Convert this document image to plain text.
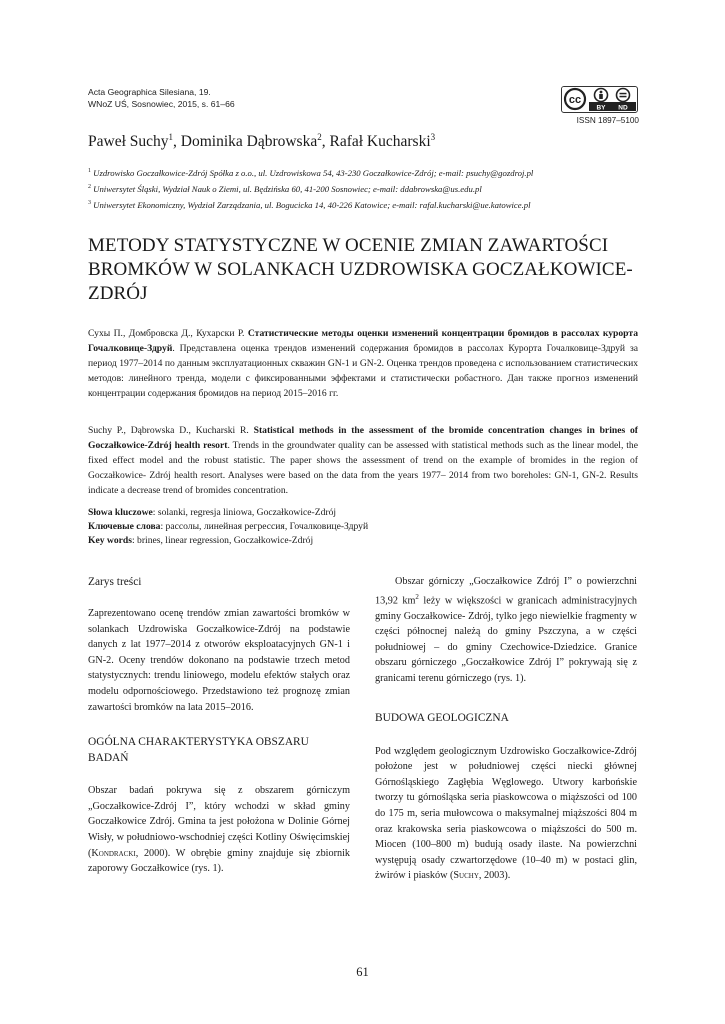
Acta Geographica Silesiana, 19.
WNoZ UŚ, Sosnowiec, 2015, s. 61–66	cc
BY ND
ISSN 1897–5100
Paweł Suchy$^1$, Dominika Dąbrowska$^2$, Rafał Kucharski$^3$
$^1$ Uzdrowisko Goczałkowice-Zdrój Spółka z o.o., ul. Uzdrowiskowa 54, 43-230 Goczałkowice-Zdrój; e-mail: psuchy@gozdroj.pl
$^2$ Uniwersytet Śląski, Wydział Nauk o Ziemi, ul. Będzińska 60, 41-200 Sosnowiec; e-mail: ddabrowska@us.edu.pl
$^3$ Uniwersytet Ekonomiczny, Wydział Zarządzania, ul. Bogucicka 14, 40-226 Katowice; e-mail: rafal.kucharski@ue.katowice.pl
METODY STATYSTYCZNE W OCENIE ZMIAN ZAWARTOŚCI
BROMKÓW W SOLANKACH UZDROWISKA GOCZAŁKOWICE-
ZDRÓJ
Сухы П., Домбровска Д., Кухарски Р. Статистические методы оценки изменений концентрации бромидов в рассолах курорта Гочалковице-Здруй. Представлена оценка трендов изменений содержания бромидов в рассолах Курорта Гочалковице-Здруй за период 1977–2014 по данным эксплуатационных скважин GN-1 и GN-2. Оценка трендов проведена с использованием статистических методов: линейного тренда, модели с фиксированными эффектами и статистически робастного. Дан также прогноз изменений концентрации содержания бромидов на период 2015–2016 гг.
Suchy P., Dąbrowska D., Kucharski R. Statistical methods in the assessment of the bromide concentration changes in brines of Goczałkowice-Zdrój health resort. Trends in the groundwater quality can be assessed with statistical methods such as the linear model, the fixed effect model and the robust statistic. The paper shows the assessment of trend on the example of bromides in the region of Goczałkowice- Zdrój health resort. Analyses were based on the data from the years 1977– 2014 from two boreholes: GN-1, GN-2. Results indicate a decrease trend of bromides concentration.
Słowa kluczowe: solanki, regresja liniowa, Goczałkowice-Zdrój
Ключевые слова: рассолы, линейная регрессия, Гочалковице-Здруй
Key words: brines, linear regression, Goczałkowice-Zdrój
Zarys treści

Zaprezentowano ocenę trendów zmian zawartości bromków w solankach Uzdrowiska Goczałkowice-Zdrój na podstawie danych z lat 1977–2014 z otworów eksploatacyjnych GN-1 i GN-2. Oceny trendów dokonano na podstawie trzech metod statystycznych: trendu liniowego, modelu efektów stałych oraz modelu odpornościowego. Przedstawiono też prognozę zmian zawartości bromków na lata 2015–2016.

OGÓLNA CHARAKTERYSTYKA OBSZARU BADAŃ

Obszar badań pokrywa się z obszarem górniczym „Goczałkowice-Zdrój I”, który wchodzi w skład gminy Goczałkowice Zdrój. Gmina ta jest położona w Dolinie Górnej Wisły, w południowo-wschodniej części Kotliny Oświęcimskiej (Kondracki, 2000). W obrębie gminy znajduje się zbiornik zaporowy Goczałkowice (rys. 1).

Obszar górniczy „Goczałkowice Zdrój I” o powierzchni 13,92 $km^2$ leży w większości w granicach administracyjnych gminy Goczałkowice- Zdrój, tylko jego niewielkie fragmenty w części północnej należą do gminy Pszczyna, a w części południowej – do gminy Czechowice-Dziedzice. Granice obszaru górniczego „Goczałkowice Zdrój I” pokrywają się z granicami terenu górniczego (rys. 1).

BUDOWA GEOLOGICZNA

Pod względem geologicznym Uzdrowisko Goczałkowice-Zdrój położone jest w południowej części niecki głównej Górnośląskiego Zagłębia Węglowego. Utwory karbońskie tworzy tu górnośląska seria piaskowcowa o miąższości od 100 do 175 m, seria mułowcowa o maksymalnej miąższości 804 m oraz krakowska seria piaskowcowa o miąższości do 500 m. Miocen (100–800 m) budują osady ilaste. Na powierzchni występują osady czwartorzędowe (10–40 m) w postaci glin, żwirów i piasków (Suchy, 2003).

61
